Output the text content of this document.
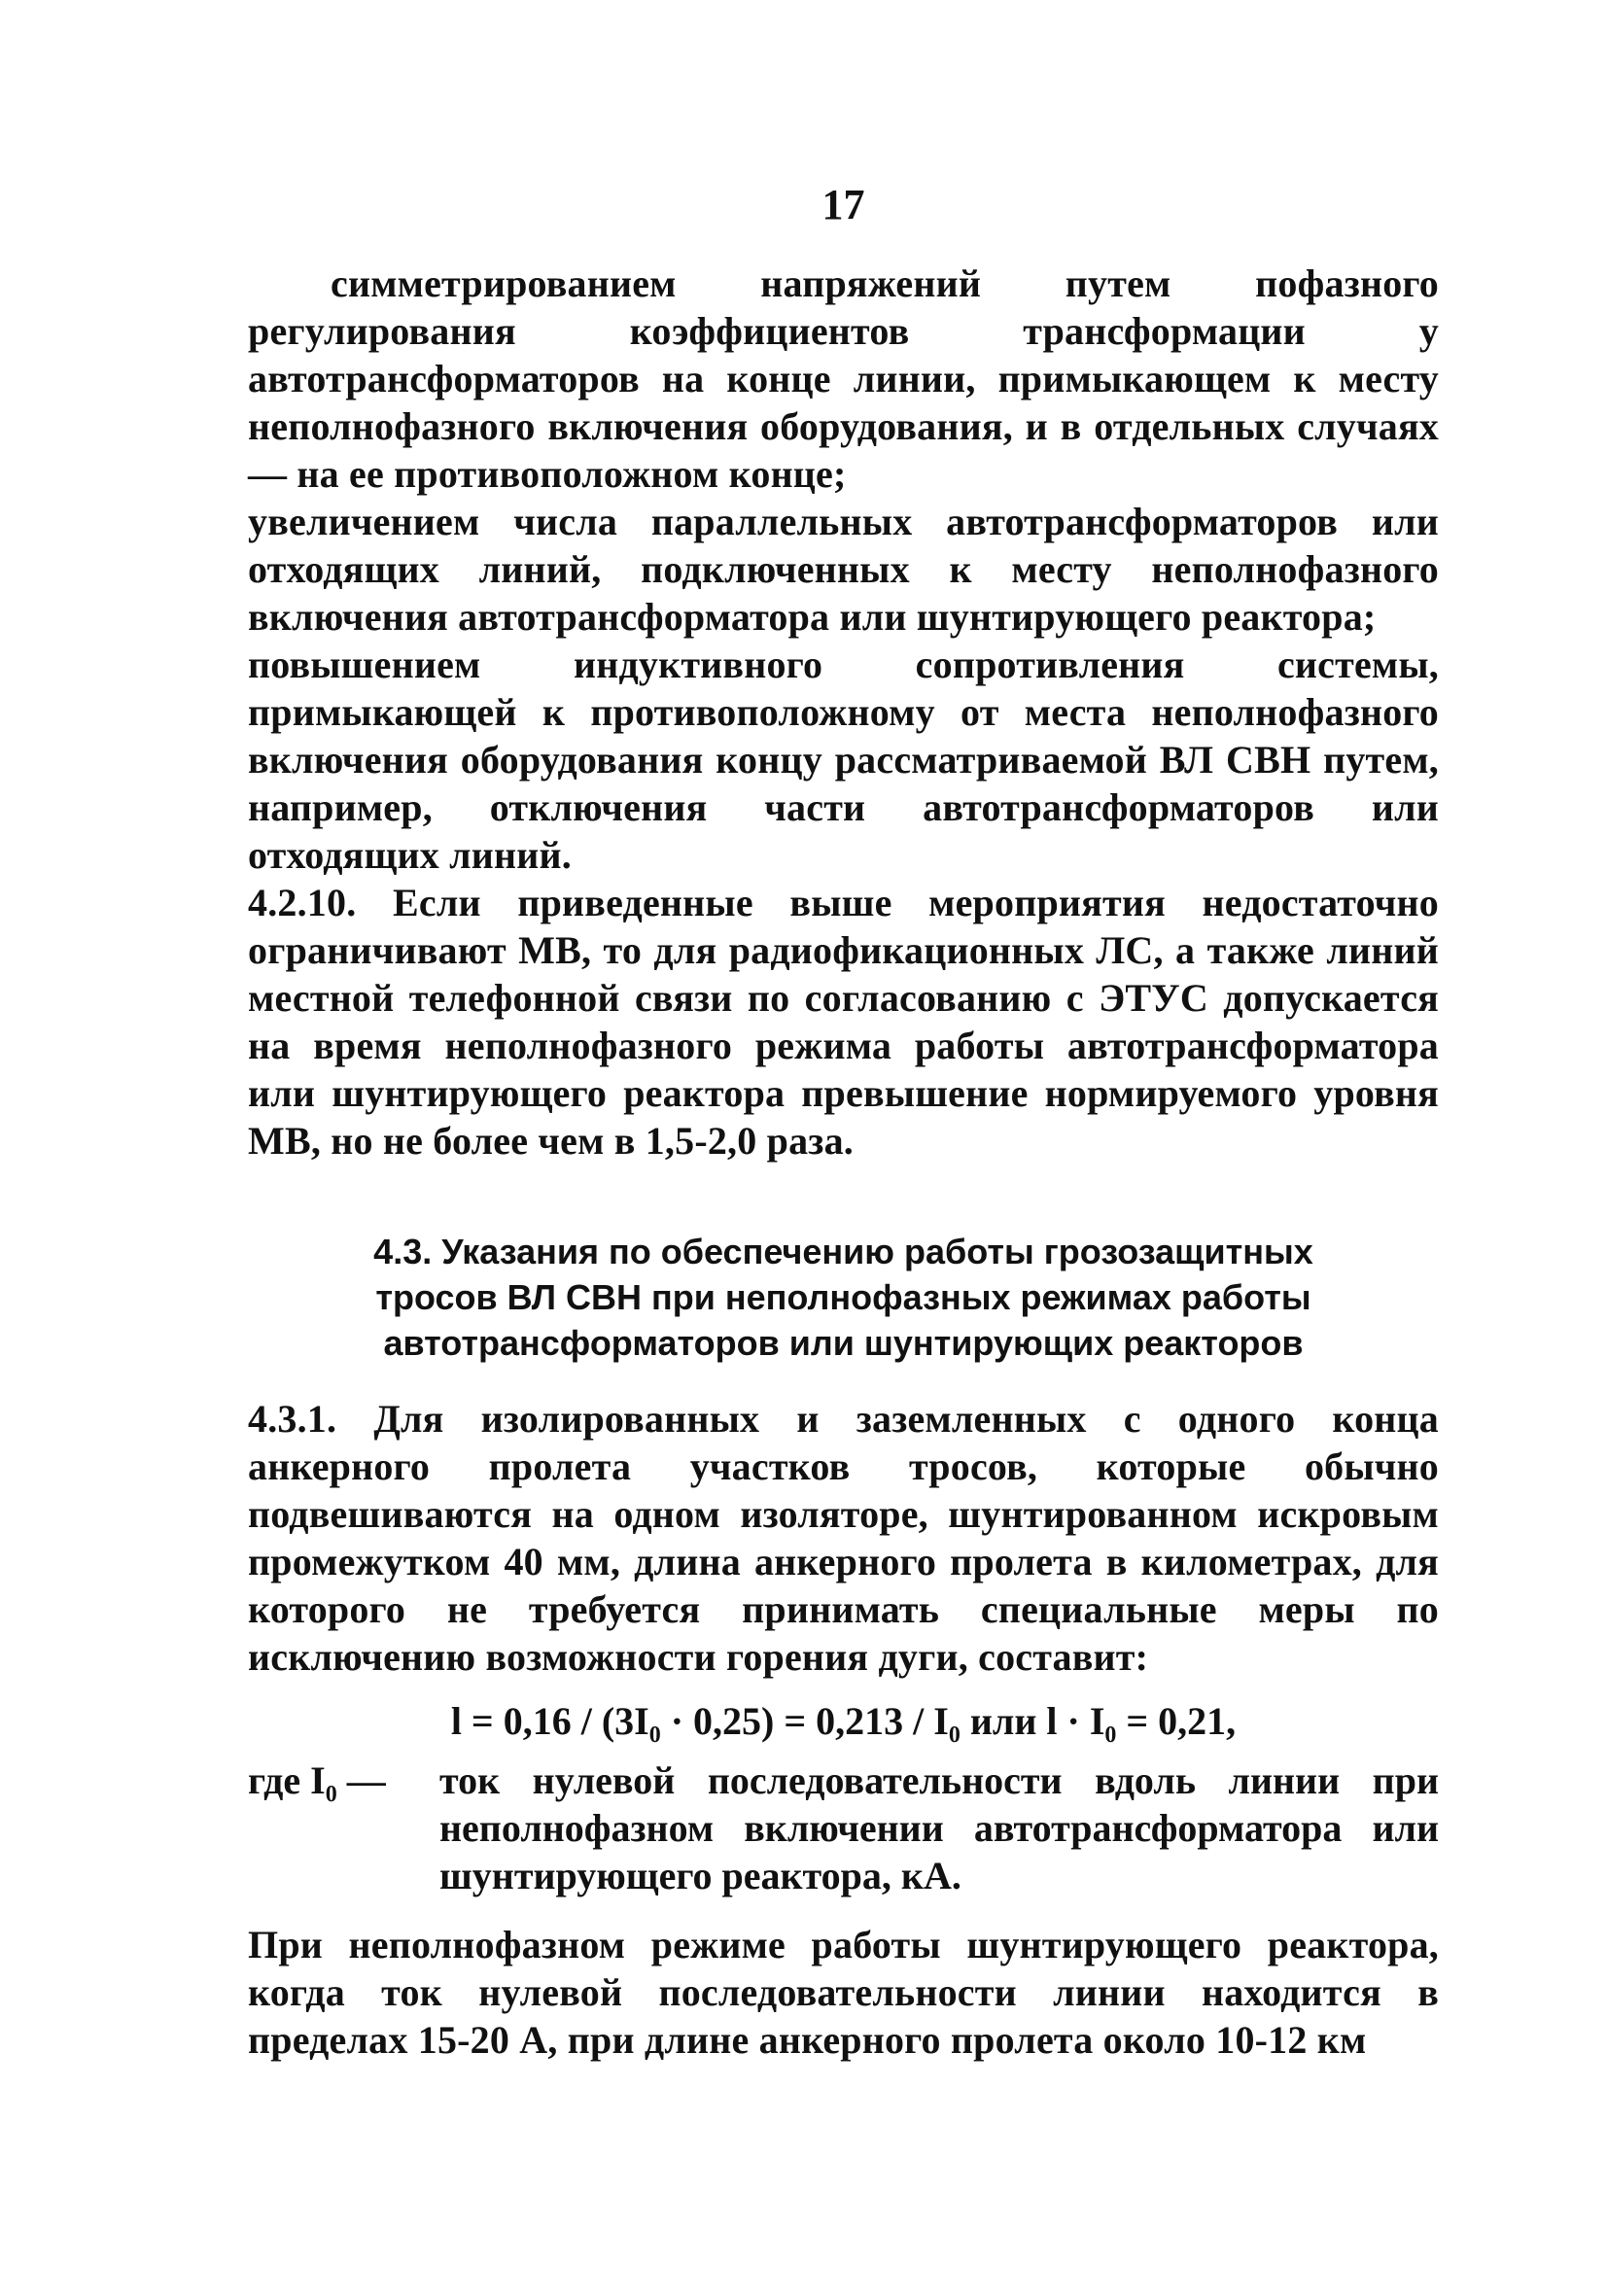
17

симметрированием напряжений путем пофазного регулирования коэффициентов трансформации у автотрансформаторов на конце линии, примыкающем к месту неполнофазного включения оборудования, и в отдельных случаях — на ее противоположном конце;

увеличением числа параллельных автотрансформаторов или отходящих линий, подключенных к месту неполнофазного включения автотрансформатора или шунтирующего реактора;

повышением индуктивного сопротивления системы, примыкающей к противоположному от места неполнофазного включения оборудования концу рассматриваемой ВЛ СВН путем, например, отключения части автотрансформаторов или отходящих линий.

4.2.10. Если приведенные выше мероприятия недостаточно ограничивают МВ, то для радиофикационных ЛС, а также линий местной телефонной связи по согласованию с ЭТУС допускается на время неполнофазного режима работы автотрансформатора или шунтирующего реактора превышение нормируемого уровня МВ, но не более чем в 1,5-2,0 раза.

4.3. Указания по обеспечению работы грозозащитных
тросов ВЛ СВН при неполнофазных режимах работы
автотрансформаторов или шунтирующих реакторов

4.3.1. Для изолированных и заземленных с одного конца анкерного пролета участков тросов, которые обычно подвешиваются на одном изоляторе, шунтированном искровым промежутком 40 мм, длина анкерного пролета в километрах, для которого не требуется принимать специальные меры по исключению возможности горения дуги, составит:

l = 0,16 / (3I₀ · 0,25) = 0,213 / I₀ или l · I₀ = 0,21,
где I₀ —	ток нулевой последовательности вдоль линии при неполнофазном включении автотрансформатора или шунтирующего реактора, кА.

При неполнофазном режиме работы шунтирующего реактора, когда ток нулевой последовательности линии находится в пределах 15-20 А, при длине анкерного пролета около 10-12 км
